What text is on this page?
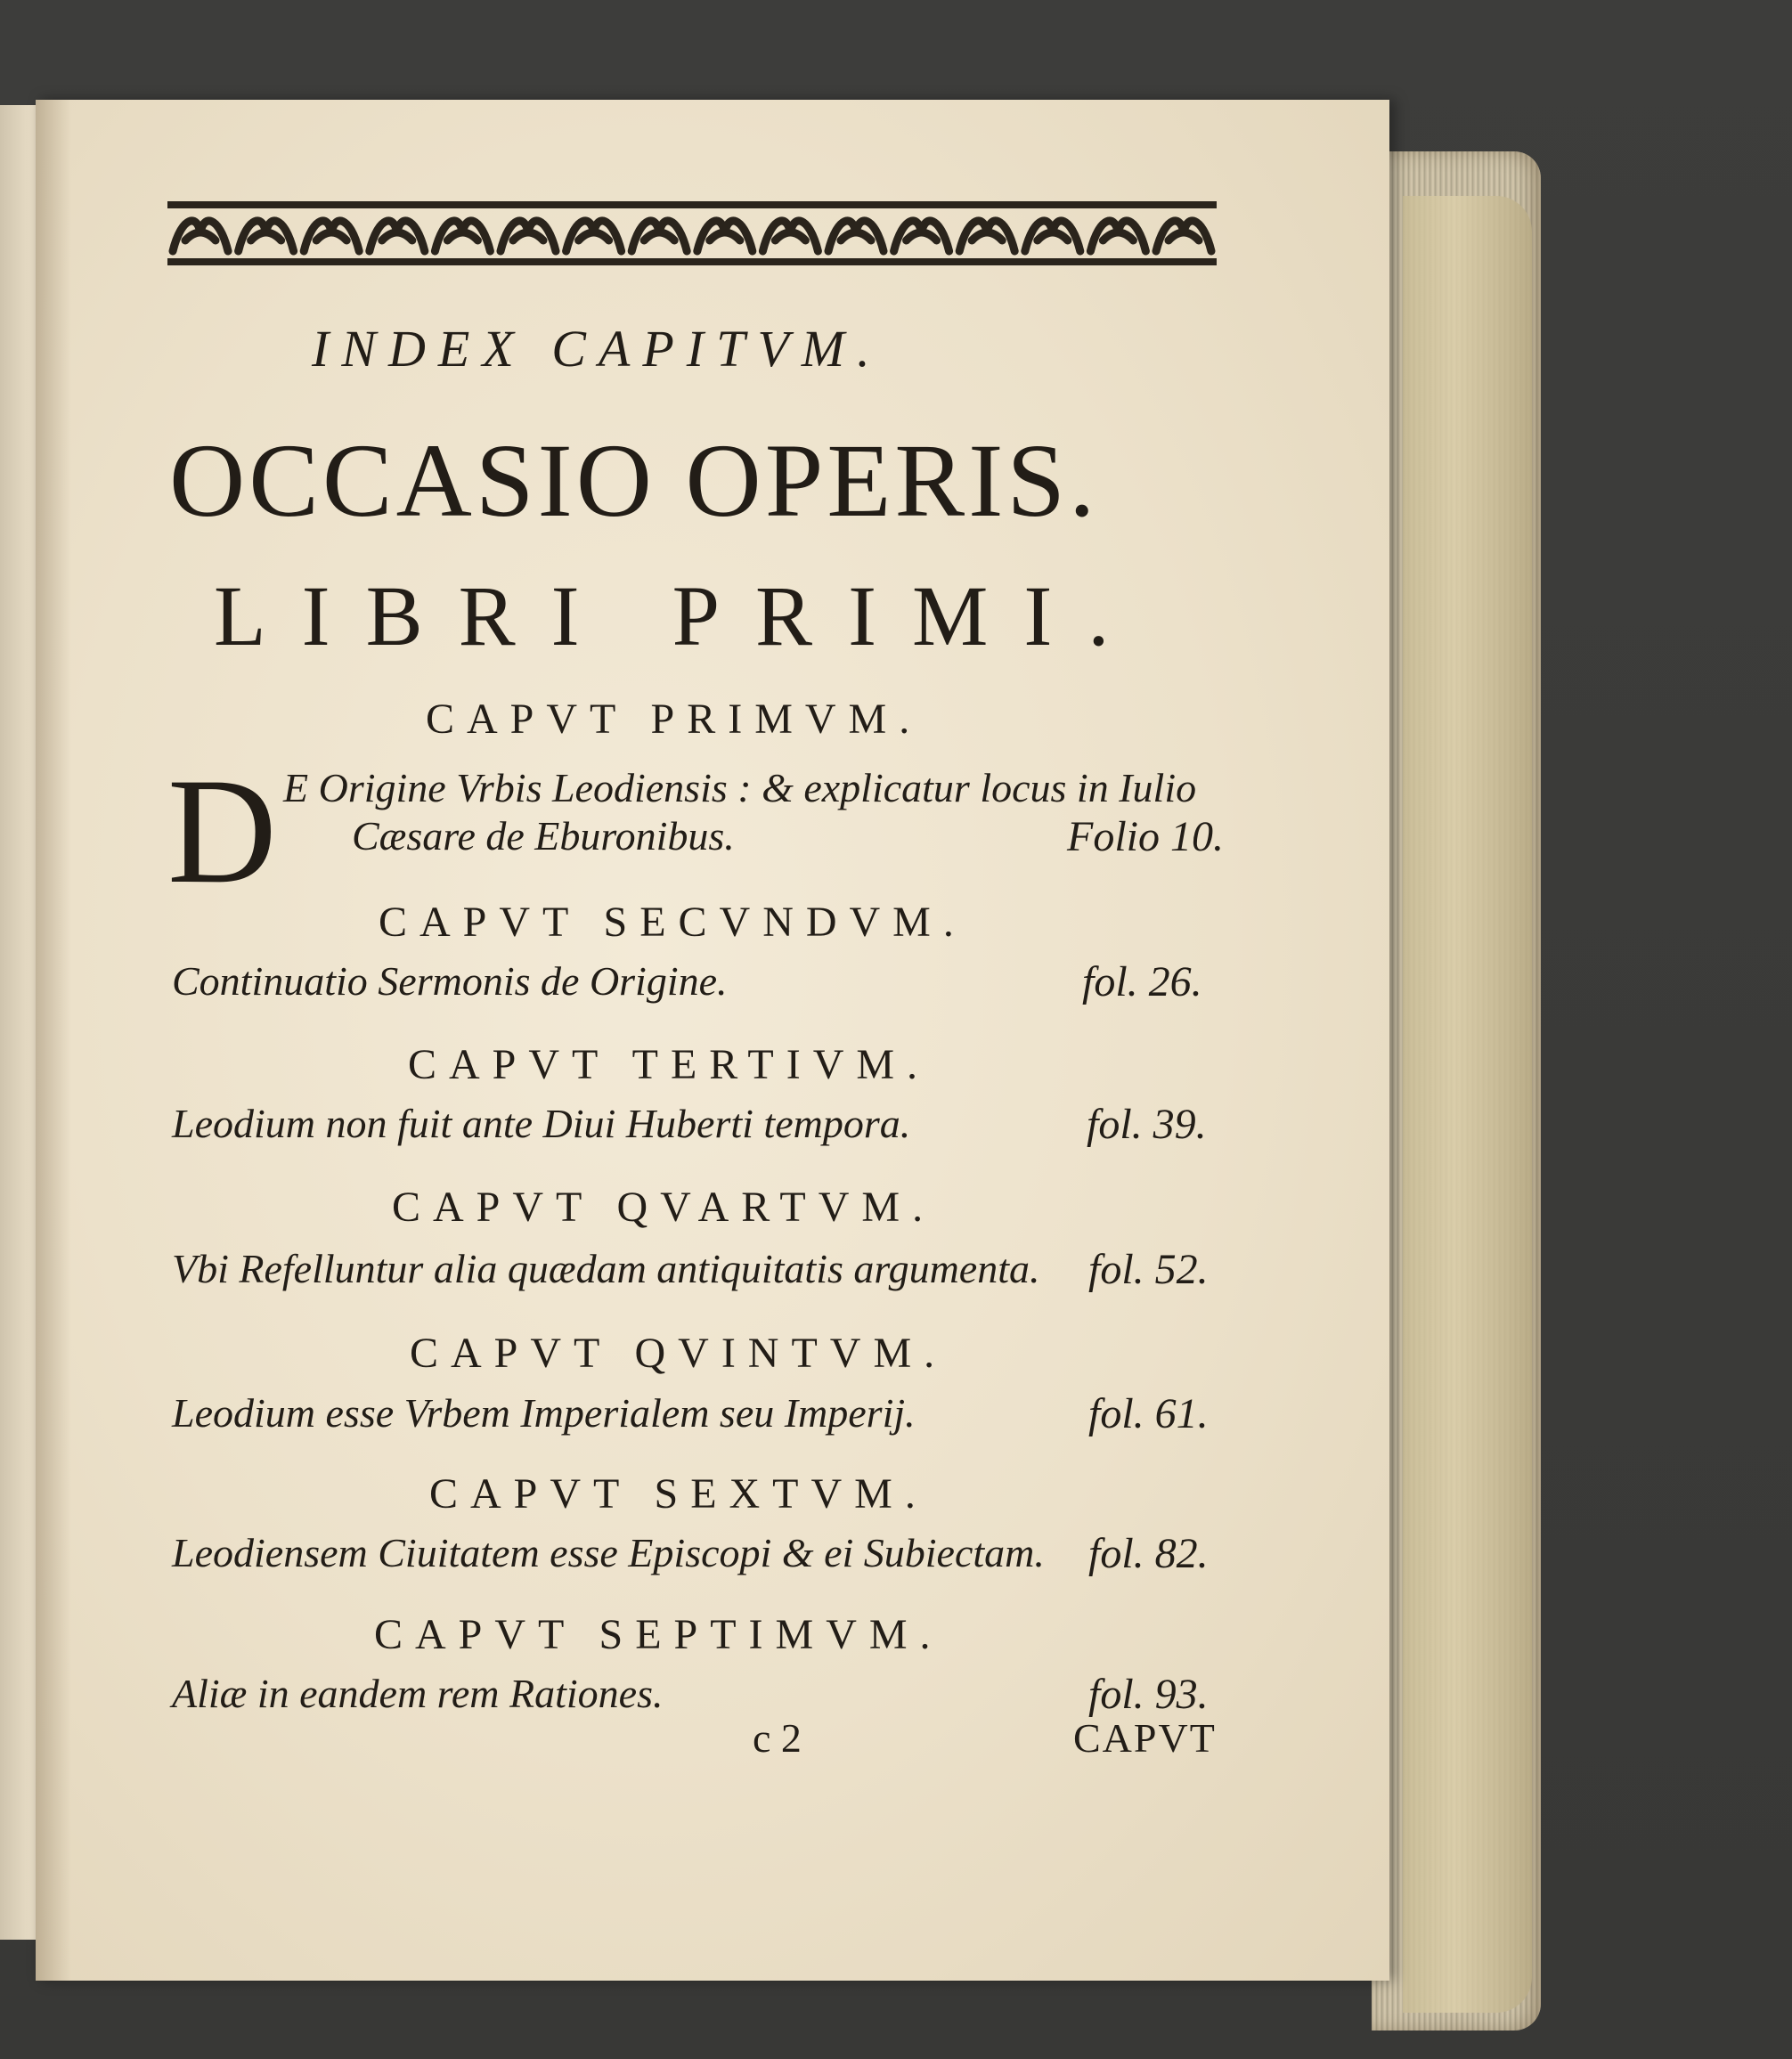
INDEX CAPITVM.
OCCASIO OPERIS.
LIBRI PRIMI.
CAPVT PRIMVM.
D E Origine Vrbis Leodiensis : & explicatur locus in Iulio
Cæsare de Eburonibus.	Folio 10.
CAPVT SECVNDVM.
Continuatio Sermonis de Origine.	fol. 26.
CAPVT TERTIVM.
Leodium non fuit ante Diui Huberti tempora.	fol. 39.
CAPVT QVARTVM.
Vbi Refelluntur alia quædam antiquitatis argumenta. fol. 52.
CAPVT QVINTVM.
Leodium esse Vrbem Imperialem seu Imperij.	fol. 61.
CAPVT SEXTVM.
Leodiensem Ciuitatem esse Episcopi & ei Subiectam. fol. 82.
CAPVT SEPTIMVM.
Aliæ in eandem rem Rationes.	fol. 93.
c 2	CAPVT
